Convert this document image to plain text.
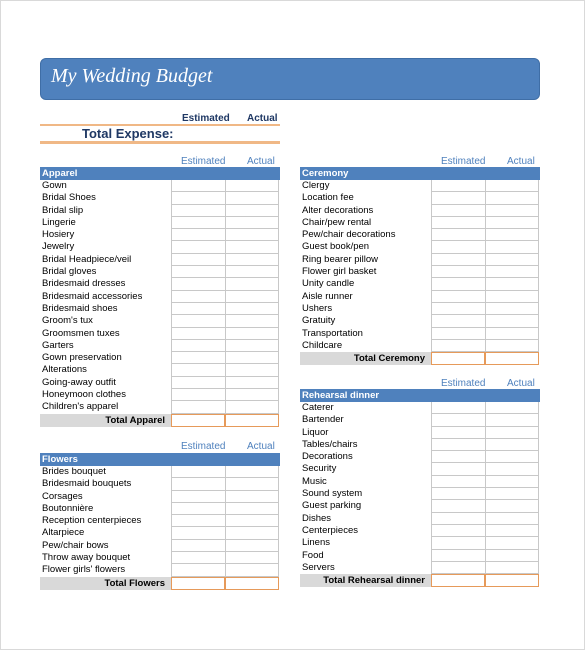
My Wedding Budget
Estimated Actual
Total Expense:
Estimated Actual
Apparel
Gown
Bridal Shoes
Bridal slip
Lingerie
Hosiery
Jewelry
Bridal Headpiece/veil
Bridal gloves
Bridesmaid dresses
Bridesmaid accessories
Bridesmaid shoes
Groom's tux
Groomsmen tuxes
Garters
Gown preservation
Alterations
Going-away outfit
Honeymoon clothes
Children's apparel
Total Apparel
Estimated Actual
Flowers
Brides bouquet
Bridesmaid bouquets
Corsages
Boutonnière
Reception centerpieces
Altarpiece
Pew/chair bows
Throw away bouquet
Flower girls' flowers
Total Flowers
Estimated Actual
Ceremony
Clergy
Location fee
Alter decorations
Chair/pew rental
Pew/chair decorations
Guest book/pen
Ring bearer pillow
Flower girl basket
Unity candle
Aisle runner
Ushers
Gratuity
Transportation
Childcare
Total Ceremony
Estimated Actual
Rehearsal dinner
Caterer
Bartender
Liquor
Tables/chairs
Decorations
Security
Music
Sound system
Guest parking
Dishes
Centerpieces
Linens
Food
Servers
Total Rehearsal dinner
